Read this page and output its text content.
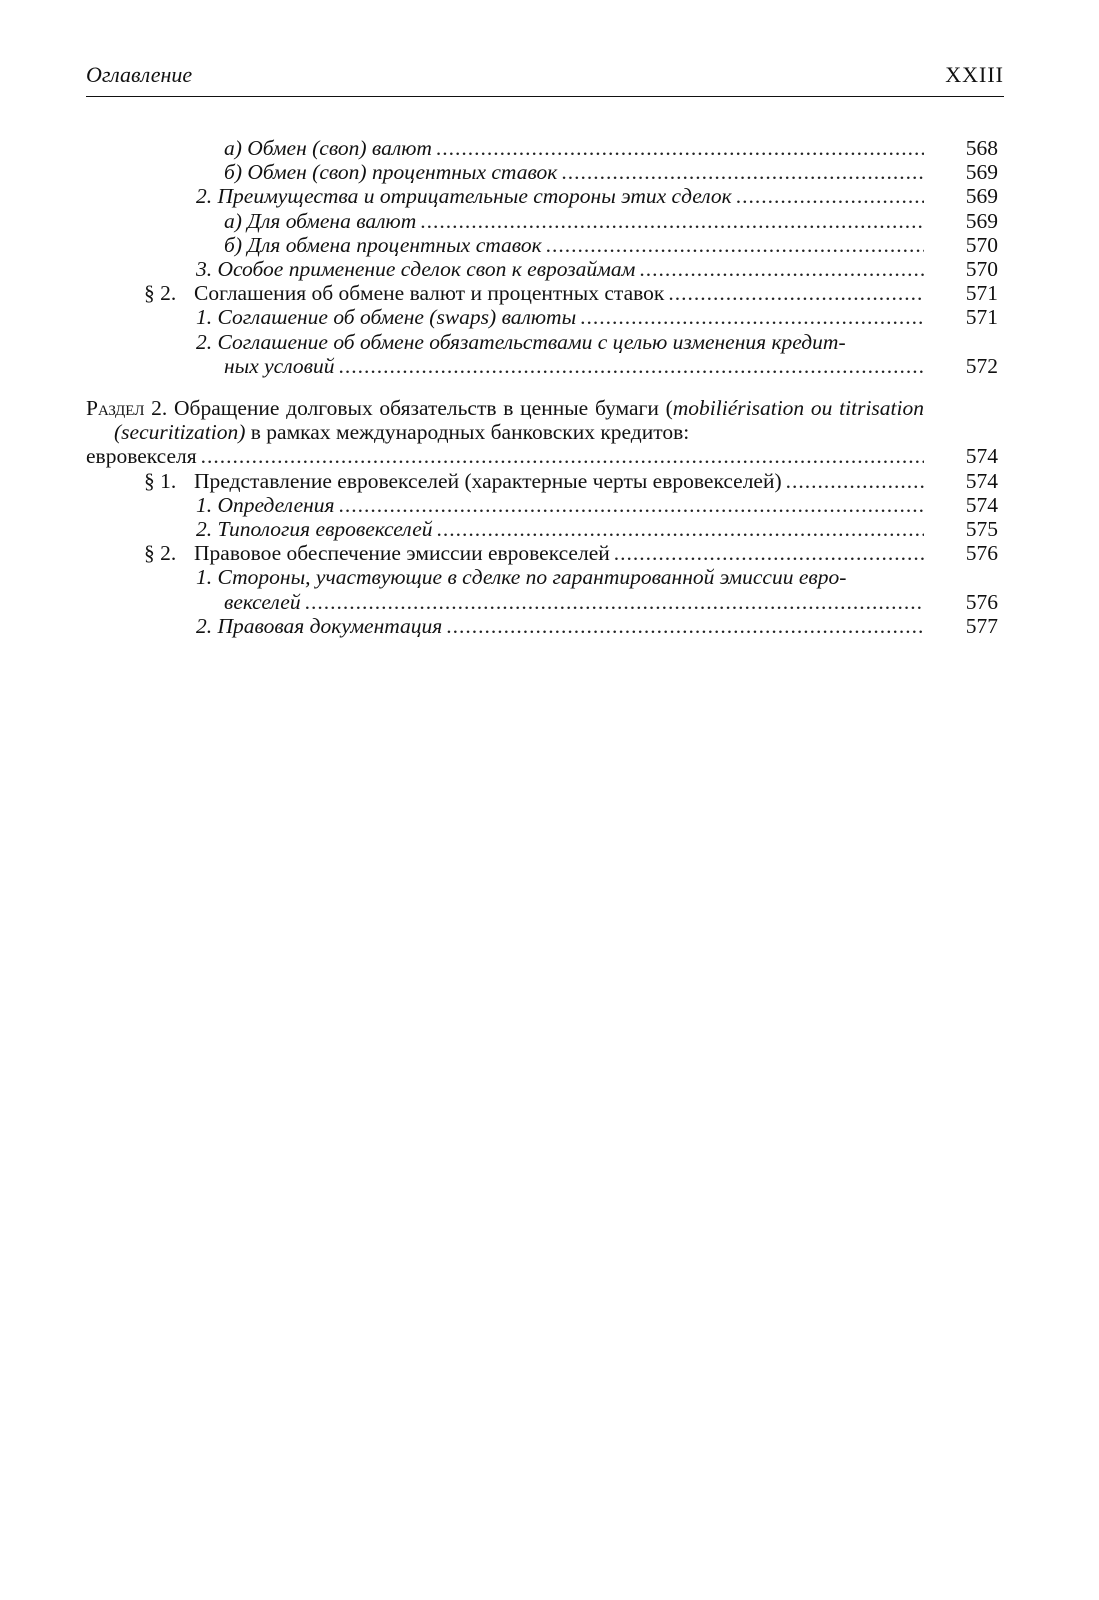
Оглавление	XXIII
а) Обмен (своп) валют .....	568
б) Обмен (своп) процентных ставок .....	569
2. Преимущества и отрицательные стороны этих сделок .....	569
а) Для обмена валют .....	569
б) Для обмена процентных ставок .....	570
3. Особое применение сделок своп к еврозаймам .....	570
§ 2. Соглашения об обмене валют и процентных ставок .....	571
1. Соглашение об обмене (swaps) валюты .....	571
2. Соглашение об обмене обязательствами с целью изменения кредит-
ных условий .....	572
Раздел 2. Обращение долговых обязательств в ценные бумаги (mobiliérisation ou titrisation (securitization) в рамках международных банковских кредитов:
евровекселя .....	574
§ 1. Представление евровекселей (характерные черты евровекселей) .....	574
1. Определения .....	574
2. Типология евровекселей .....	575
§ 2. Правовое обеспечение эмиссии евровекселей .....	576
1. Стороны, участвующие в сделке по гарантированной эмиссии евро-
векселей .....	576
2. Правовая документация .....	577
